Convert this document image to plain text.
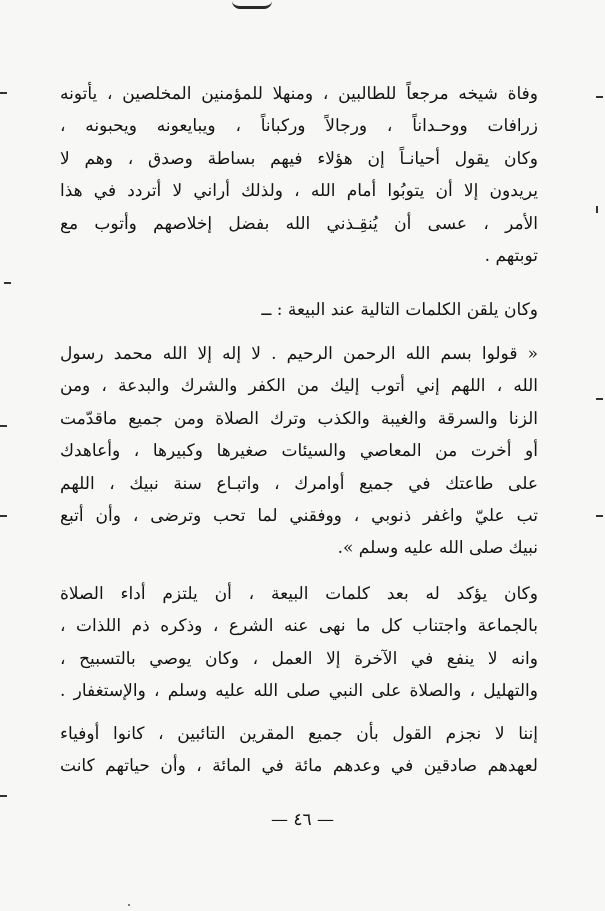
وفاة شيخه مرجعاً للطالبين ، ومنهلا للمؤمنين المخلصين ، يأتونه
زرافات ووحـداناً ، ورجالاً وركباناً ، ويبايعونه ويحبونه ،
وكان يقول أحيانـاً إن هؤلاء فيهم بساطة وصدق ، وهم لا
يريدون إلا أن يتوبُوا أمام الله ، ولذلك أراني لا أتردد في هذا
الأمر ، عسى أن يُنقِـذني الله بفضل إخلاصهم وأتوب مع
توبتهم .
وكان يلقن الكلمات التالية عند البيعة : ــ
« قولوا بسم الله الرحمن الرحيم . لا إله إلا الله محمد رسول
الله ، اللهم إني أتوب إليك من الكفر والشرك والبدعة ، ومن
الزنا والسرقة والغيبة والكذب وترك الصلاة ومن جميع ماقدّمت
أو أخرت من المعاصي والسيئات صغيرها وكبيرها ، وأعاهدك
على طاعتك في جميع أوامرك ، واتبـاع سنة نبيك ، اللهم
تب عليّ واغفر ذنوبي ، ووفقني لما تحب وترضى ، وأن أتبع
نبيك صلى الله عليه وسلم ».
وكان يؤكد له بعد كلمات البيعة ، أن يلتزم أداء الصلاة
بالجماعة واجتناب كل ما نهى عنه الشرع ، وذكره ذم اللذات ،
وانه لا ينفع في الآخرة إلا العمل ، وكان يوصي بالتسبيح ،
والتهليل ، والصلاة على النبي صلى الله عليه وسلم ، والإستغفار .
إننا لا نجزم القول بأن جميع المقرين التائبين ، كانوا أوفياء
لعهدهم صادقين في وعدهم مائة في المائة ، وأن حياتهم كانت
— ٤٦ —
